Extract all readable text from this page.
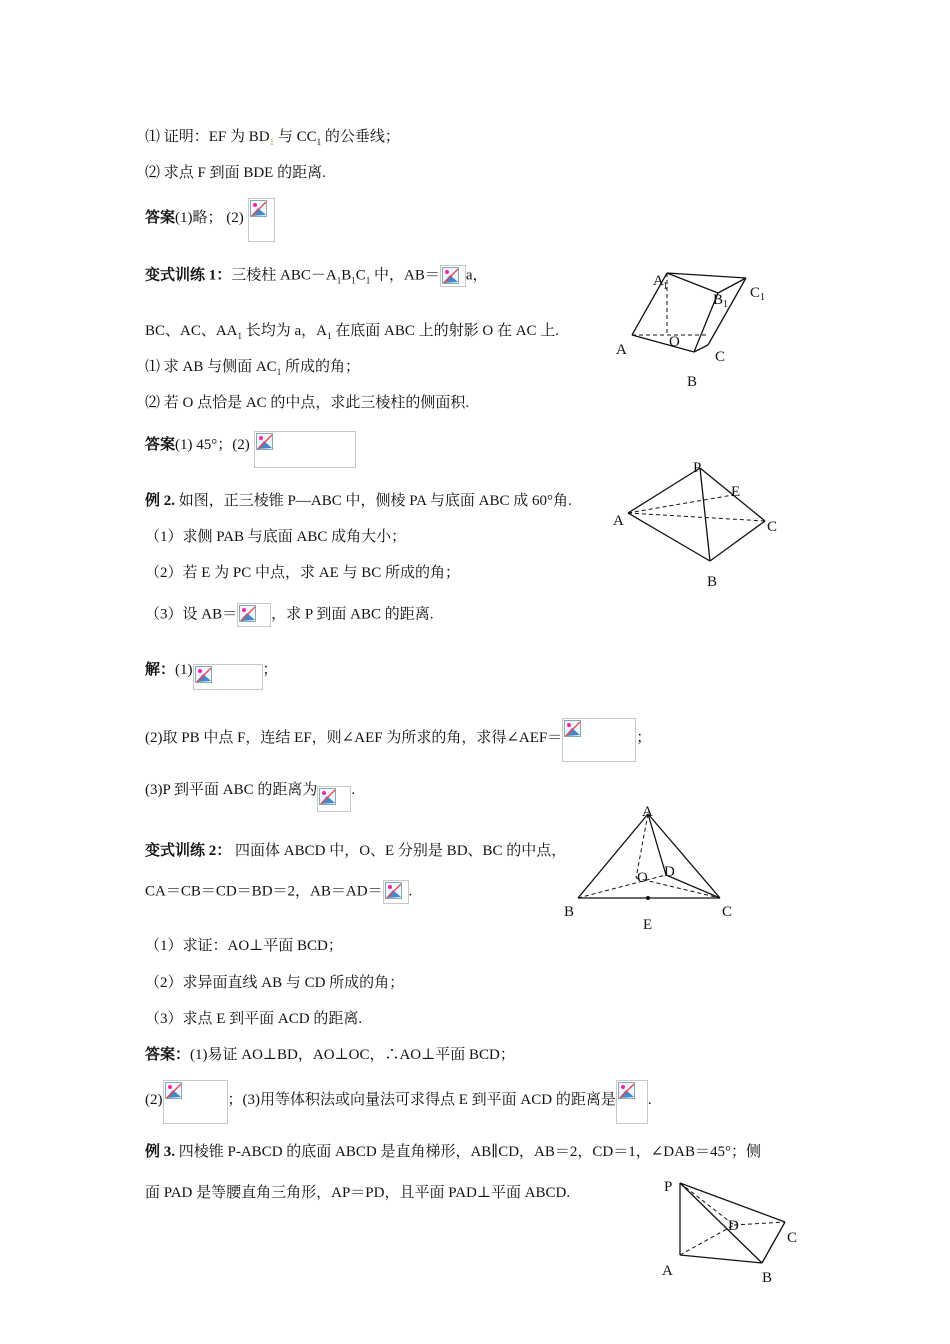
⑴ 证明：EF 为 $BD_1$ 与 $CC_1$ 的公垂线；
⑵ 求点 F 到面 BDE 的距离.
答案(1)略； (2)
变式训练 1：三棱柱 $ABC-A_1B_1C_1$ 中，AB＝ a，
BC、AC、$AA_1$ 长均为 a，$A_1$ 在底面 ABC 上的射影 O 在 AC 上.
⑴ 求 AB 与侧面 $AC_1$ 所成的角；
⑵ 若 O 点恰是 AC 的中点，求此三棱柱的侧面积.
答案(1) 45°；(2)
例 2. 如图，正三棱锥 P—ABC 中，侧棱 PA 与底面 ABC 成 60°角.
（1）求侧 PAB 与底面 ABC 成角大小；
（2）若 E 为 PC 中点，求 AE 与 BC 所成的角；
（3）设 AB＝ ，求 P 到面 ABC 的距离.
解：(1)	；
(2)取 PB 中点 F，连结 EF，则∠AEF 为所求的角，求得∠AEF＝	；
(3)P 到平面 ABC 的距离为 .
变式训练 2： 四面体 ABCD 中，O、E 分别是 BD、BC 的中点，
CA＝CB＝CD＝BD＝2，AB＝AD＝ .
（1）求证：AO⊥平面 BCD；
（2）求异面直线 AB 与 CD 所成的角；
（3）求点 E 到平面 ACD 的距离.
答案：(1)易证 AO⊥BD，AO⊥OC，∴AO⊥平面 BCD；
(2)	；(3)用等体积法或向量法可求得点 E 到平面 ACD 的距离是 .
例 3. 四棱锥 P-ABCD 的底面 ABCD 是直角梯形，AB∥CD，AB＝2，CD＝1，∠DAB＝45°；侧
面 PAD 是等腰直角三角形，AP＝PD，且平面 PAD⊥平面 ABCD.
A 1
B 1
C 1
A	O
C
B
P
E
A	C
B
A
O D
B	C
E
P
D
C
A	B
